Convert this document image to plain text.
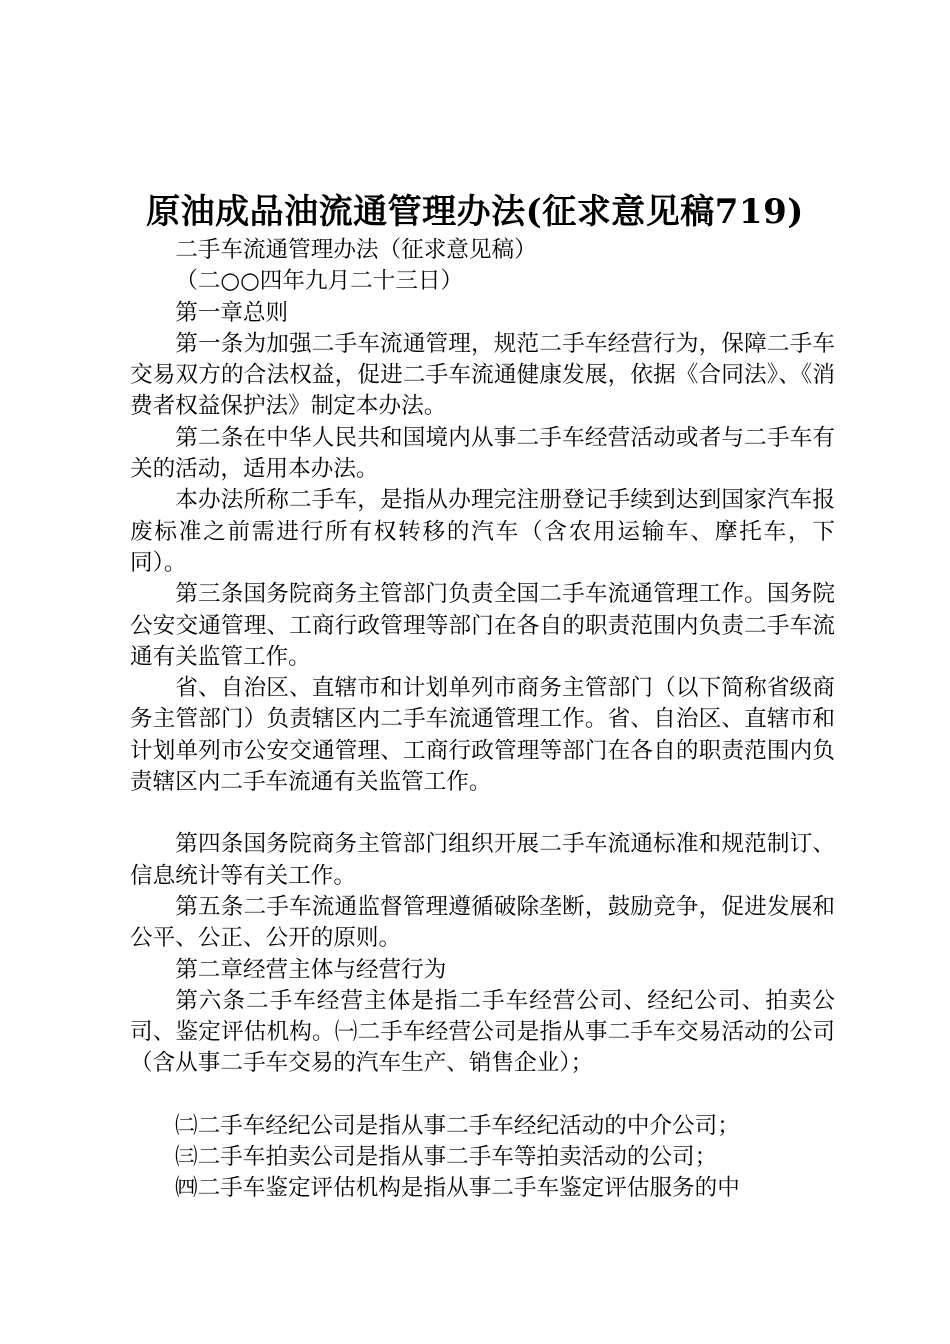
原油成品油流通管理办法(征求意见稿719)

二手车流通管理办法（征求意见稿）

（二○○四年九月二十三日）

第一章总则

第一条为加强二手车流通管理，规范二手车经营行为，保障二手车交易双方的合法权益，促进二手车流通健康发展，依据《合同法》、《消费者权益保护法》制定本办法。

第二条在中华人民共和国境内从事二手车经营活动或者与二手车有关的活动，适用本办法。

本办法所称二手车，是指从办理完注册登记手续到达到国家汽车报废标准之前需进行所有权转移的汽车（含农用运输车、摩托车，下同）。

第三条国务院商务主管部门负责全国二手车流通管理工作。国务院公安交通管理、工商行政管理等部门在各自的职责范围内负责二手车流通有关监管工作。

省、自治区、直辖市和计划单列市商务主管部门（以下简称省级商务主管部门）负责辖区内二手车流通管理工作。省、自治区、直辖市和计划单列市公安交通管理、工商行政管理等部门在各自的职责范围内负责辖区内二手车流通有关监管工作。

第四条国务院商务主管部门组织开展二手车流通标准和规范制订、信息统计等有关工作。

第五条二手车流通监督管理遵循破除垄断，鼓励竞争，促进发展和公平、公正、公开的原则。

第二章经营主体与经营行为

第六条二手车经营主体是指二手车经营公司、经纪公司、拍卖公司、鉴定评估机构。㈠二手车经营公司是指从事二手车交易活动的公司（含从事二手车交易的汽车生产、销售企业）；

㈡二手车经纪公司是指从事二手车经纪活动的中介公司；

㈢二手车拍卖公司是指从事二手车等拍卖活动的公司；

㈣二手车鉴定评估机构是指从事二手车鉴定评估服务的中
